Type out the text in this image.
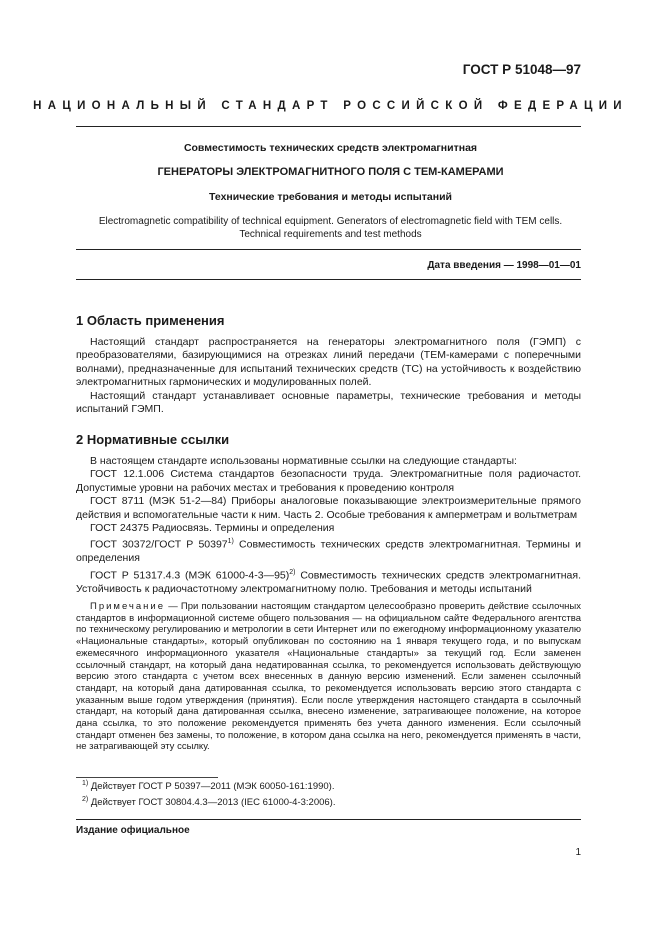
ГОСТ Р 51048—97
НАЦИОНАЛЬНЫЙ СТАНДАРТ РОССИЙСКОЙ ФЕДЕРАЦИИ
Совместимость технических средств электромагнитная
ГЕНЕРАТОРЫ ЭЛЕКТРОМАГНИТНОГО ПОЛЯ С ТЕМ-КАМЕРАМИ
Технические требования и методы испытаний
Electromagnetic compatibility of technical equipment. Generators of electromagnetic field with TEM cells.
Technical requirements and test methods
Дата введения — 1998—01—01
1 Область применения

Настоящий стандарт распространяется на генераторы электромагнитного поля (ГЭМП) с преобразователями, базирующимися на отрезках линий передачи (ТЕМ-камерами с поперечными волнами), предназначенные для испытаний технических средств (ТС) на устойчивость к воздействию электромагнитных гармонических и модулированных полей.

Настоящий стандарт устанавливает основные параметры, технические требования и методы испытаний ГЭМП.

2 Нормативные ссылки

В настоящем стандарте использованы нормативные ссылки на следующие стандарты:

ГОСТ 12.1.006 Система стандартов безопасности труда. Электромагнитные поля радиочастот. Допустимые уровни на рабочих местах и требования к проведению контроля

ГОСТ 8711 (МЭК 51-2—84) Приборы аналоговые показывающие электроизмерительные прямого действия и вспомогательные части к ним. Часть 2. Особые требования к амперметрам и вольтметрам

ГОСТ 24375 Радиосвязь. Термины и определения

ГОСТ 30372/ГОСТ Р 50397$^{1)}$ Совместимость технических средств электромагнитная. Термины и определения

ГОСТ Р 51317.4.3 (МЭК 61000-4-3—95)$^{2)}$ Совместимость технических средств электромагнитная. Устойчивость к радиочастотному электромагнитному полю. Требования и методы испытаний

Примечание — При пользовании настоящим стандартом целесообразно проверить действие ссылочных стандартов в информационной системе общего пользования — на официальном сайте Федерального агентства по техническому регулированию и метрологии в сети Интернет или по ежегодному информационному указателю «Национальные стандарты», который опубликован по состоянию на 1 января текущего года, и по выпускам ежемесячного информационного указателя «Национальные стандарты» за текущий год. Если заменен ссылочный стандарт, на который дана недатированная ссылка, то рекомендуется использовать действующую версию этого стандарта с учетом всех внесенных в данную версию изменений. Если заменен ссылочный стандарт, на который дана датированная ссылка, то рекомендуется использовать версию этого стандарта с указанным выше годом утверждения (принятия). Если после утверждения настоящего стандарта в ссылочный стандарт, на который дана датированная ссылка, внесено изменение, затрагивающее положение, на которое дана ссылка, то это положение рекомендуется применять без учета данного изменения. Если ссылочный стандарт отменен без замены, то положение, в котором дана ссылка на него, рекомендуется применять в части, не затрагивающей эту ссылку.
$^{1)}$ Действует ГОСТ Р 50397—2011 (МЭК 60050-161:1990).
$^{2)}$ Действует ГОСТ 30804.4.3—2013 (IEC 61000-4-3:2006).
Издание официальное
1
